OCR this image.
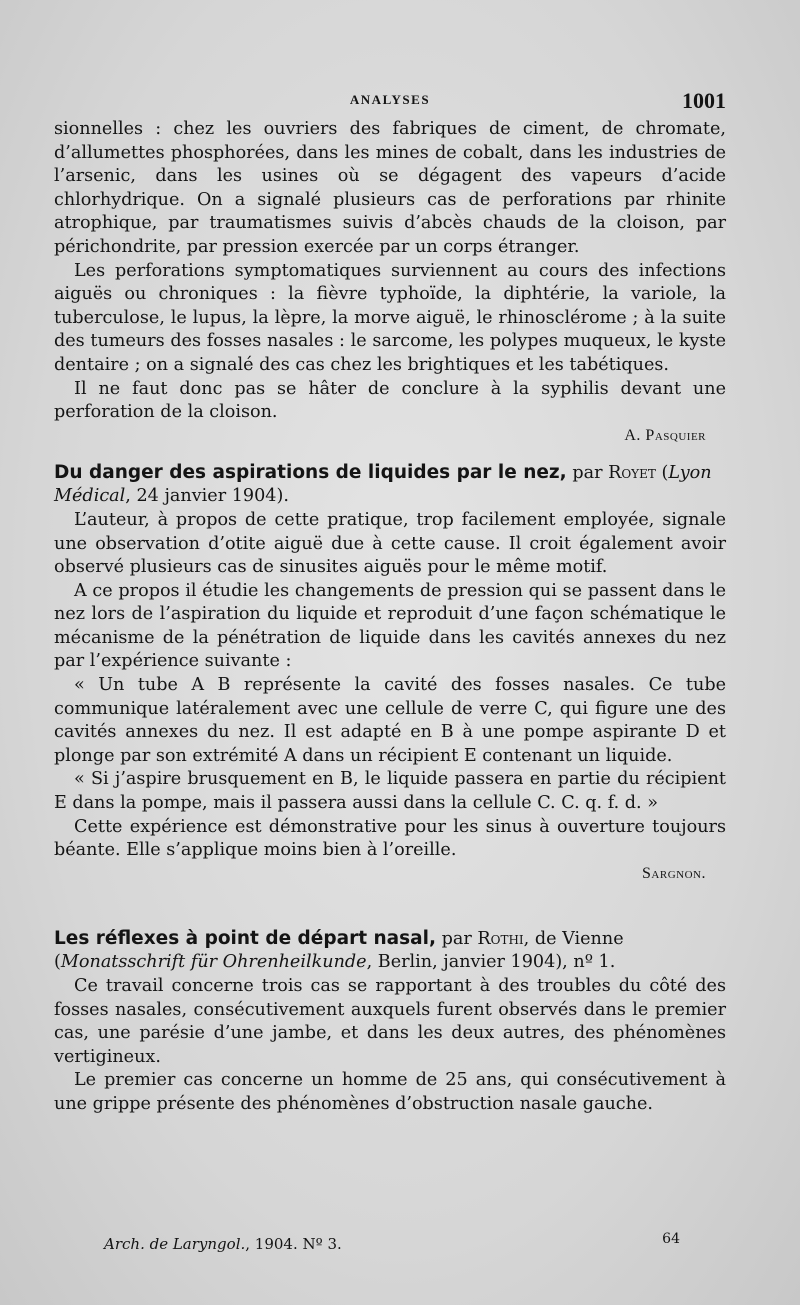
ANALYSES	1001

sionnelles : chez les ouvriers des fabriques de ciment, de chromate, d’allumettes phosphorées, dans les mines de cobalt, dans les industries de l’arsenic, dans les usines où se dégagent des vapeurs d’acide chlorhydrique. On a signalé plusieurs cas de perforations par rhinite atrophique, par traumatismes suivis d’abcès chauds de la cloison, par périchondrite, par pression exercée par un corps étranger.

Les perforations symptomatiques surviennent au cours des infections aiguës ou chroniques : la fièvre typhoïde, la diphtérie, la variole, la tuberculose, le lupus, la lèpre, la morve aiguë, le rhinosclérome ; à la suite des tumeurs des fosses nasales : le sarcome, les polypes muqueux, le kyste dentaire ; on a signalé des cas chez les brightiques et les tabétiques.

Il ne faut donc pas se hâter de conclure à la syphilis devant une perforation de la cloison.

A. Pasquier
Du danger des aspirations de liquides par le nez, par Royet (Lyon Médical, 24 janvier 1904).

L’auteur, à propos de cette pratique, trop facilement employée, signale une observation d’otite aiguë due à cette cause. Il croit également avoir observé plusieurs cas de sinusites aiguës pour le même motif.

A ce propos il étudie les changements de pression qui se passent dans le nez lors de l’aspiration du liquide et reproduit d’une façon schématique le mécanisme de la pénétration de liquide dans les cavités annexes du nez par l’expérience suivante :

« Un tube A B représente la cavité des fosses nasales. Ce tube communique latéralement avec une cellule de verre C, qui figure une des cavités annexes du nez. Il est adapté en B à une pompe aspirante D et plonge par son extrémité A dans un récipient E contenant un liquide.

« Si j’aspire brusquement en B, le liquide passera en partie du récipient E dans la pompe, mais il passera aussi dans la cellule C. C. q. f. d. »

Cette expérience est démonstrative pour les sinus à ouverture toujours béante. Elle s’applique moins bien à l’oreille.

Sargnon.
Les réflexes à point de départ nasal, par Rothi, de Vienne (Monatsschrift für Ohrenheilkunde, Berlin, janvier 1904), nº 1.

Ce travail concerne trois cas se rapportant à des troubles du côté des fosses nasales, consécutivement auxquels furent observés dans le premier cas, une parésie d’une jambe, et dans les deux autres, des phénomènes vertigineux.

Le premier cas concerne un homme de 25 ans, qui consécutivement à une grippe présente des phénomènes d’obstruction nasale gauche.

Arch. de Laryngol., 1904. Nº 3.	64
